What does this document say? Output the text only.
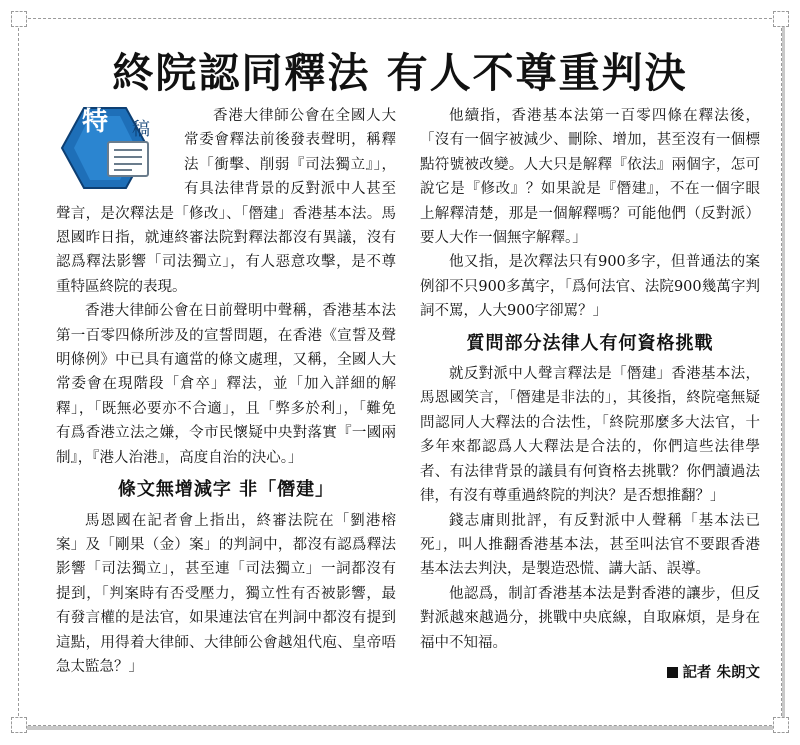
終院認同釋法 有人不尊重判決
特 稿

香港大律師公會在全國人大常委會釋法前後發表聲明，稱釋法「衝擊、削弱『司法獨立』」，有具法律背景的反對派中人甚至聲言，是次釋法是「修改」、「僭建」香港基本法。馬恩國昨日指，就連終審法院對釋法都沒有異議，沒有認爲釋法影響「司法獨立」，有人惡意攻擊，是不尊重特區終院的表現。

香港大律師公會在日前聲明中聲稱，香港基本法第一百零四條所涉及的宣誓問題，在香港《宣誓及聲明條例》中已具有適當的條文處理，又稱，全國人大常委會在現階段「倉卒」釋法，並「加入詳細的解釋」，「既無必要亦不合適」，且「弊多於利」，「難免有爲香港立法之嫌，令市民懷疑中央對落實『一國兩制』，『港人治港』，高度自治的決心。」

條文無增減字 非「僭建」

馬恩國在記者會上指出，終審法院在「劉港榕案」及「剛果（金）案」的判詞中，都沒有認爲釋法影響「司法獨立」，甚至連「司法獨立」一詞都沒有提到，「判案時有否受壓力，獨立性有否被影響，最有發言權的是法官，如果連法官在判詞中都沒有提到這點，用得着大律師、大律師公會越俎代庖、皇帝唔急太監急？」

他續指，香港基本法第一百零四條在釋法後，「沒有一個字被減少、刪除、增加，甚至沒有一個標點符號被改變。人大只是解釋『依法』兩個字，怎可說它是『修改』？如果說是『僭建』，不在一個字眼上解釋清楚，那是一個解釋嗎？可能他們（反對派）要人大作一個無字解釋。」

他又指，是次釋法只有900多字，但普通法的案例卻不只900多萬字，「爲何法官、法院900幾萬字判詞不罵，人大900字卻罵？」

質問部分法律人有何資格挑戰

就反對派中人聲言釋法是「僭建」香港基本法，馬恩國笑言，「僭建是非法的」，其後指，終院毫無疑問認同人大釋法的合法性，「終院那麼多大法官，十多年來都認爲人大釋法是合法的，你們這些法律學者、有法律背景的議員有何資格去挑戰？你們讀過法律，有沒有尊重過終院的判決？是否想推翻？」

錢志庸則批評，有反對派中人聲稱「基本法已死」，叫人推翻香港基本法，甚至叫法官不要跟香港基本法去判決，是製造恐慌、講大話、誤導。

他認爲，制訂香港基本法是對香港的讓步，但反對派越來越過分，挑戰中央底線，自取麻煩，是身在福中不知福。

記者 朱朗文
